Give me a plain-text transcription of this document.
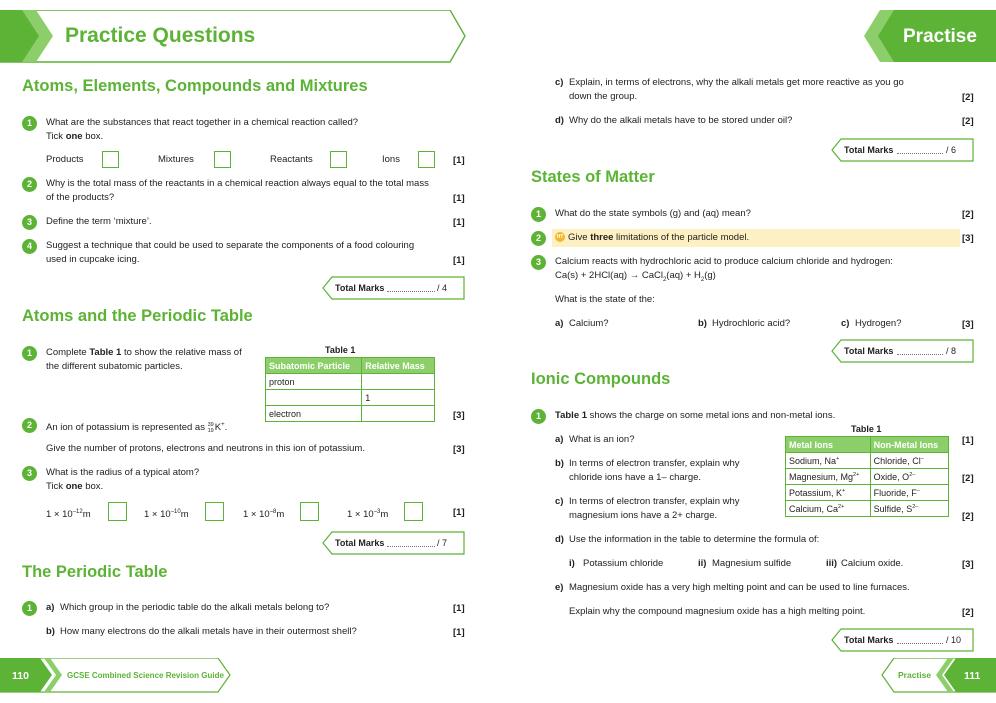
Practice Questions	Practise
110	GCSE Combined Science Revision Guide	Practise	111
Atoms, Elements, Compounds and Mixtures
1	What are the substances that react together in a chemical reaction called?
Tick one box.
Products	Mixtures	Reactants	Ions	[1]
2	Why is the total mass of the reactants in a chemical reaction always equal to the total mass
of the products?	[1]
3	Define the term ‘mixture’.	[1]
4	Suggest a technique that could be used to separate the components of a food colouring
used in cupcake icing.	[1]
Total Marks	/ 4
Atoms and the Periodic Table
1	Complete Table 1 to show the relative mass of
the different subatomic particles.
Table 1
Subatomic Particle	Relative Mass
proton	
	1
electron		[3]
2	An ion of potassium is represented as 39
19 K+.
Give the number of protons, electrons and neutrons in this ion of potassium.	[3]
3	What is the radius of a typical atom?
Tick one box.
$1 \times 10^{-12}m$	$1 \times 10^{-10}m$	$1 \times 10^{-8}m$	$1 \times 10^{-3}m$	[1]
Total Marks	/ 7
The Periodic Table
1	a) Which group in the periodic table do the alkali metals belong to?	[1]
b) How many electrons do the alkali metals have in their outermost shell?	[1]
c) Explain, in terms of electrons, why the alkali metals get more reactive as you go
down the group.	[2]
d) Why do the alkali metals have to be stored under oil?	[2]
Total Marks	/ 6
States of Matter
1	What do the state symbols (g) and (aq) mean?	[2]
2	HT Give three limitations of the particle model.	[3]
3	Calcium reacts with hydrochloric acid to produce calcium chloride and hydrogen:
Ca(s) + 2HCl(aq) → CaCl$_2$(aq) + $H_2(g)$
What is the state of the:
a) Calcium?	b) Hydrochloric acid?	c) Hydrogen?	[3]
Total Marks	/ 8
Ionic Compounds
1	Table 1 shows the charge on some metal ions and non-metal ions.
Table 1
Metal Ions	Non-Metal Ions
Sodium, Na+	Chloride, Cl–
Magnesium, $Mg^{2+}$	Oxide, $O^{2-}$
Potassium, K+	Fluoride, F–
Calcium, $Ca^{2+}$	Sulfide, $S^{2-}$
a) What is an ion?	[1]
b) In terms of electron transfer, explain why
chloride ions have a 1– charge.	[2]
c) In terms of electron transfer, explain why
magnesium ions have a 2+ charge.	[2]
d) Use the information in the table to determine the formula of:
i) Potassium chloride	ii) Magnesium sulfide	iii) Calcium oxide.	[3]
e) Magnesium oxide has a very high melting point and can be used to line furnaces.
Explain why the compound magnesium oxide has a high melting point.	[2]
Total Marks	/ 10
